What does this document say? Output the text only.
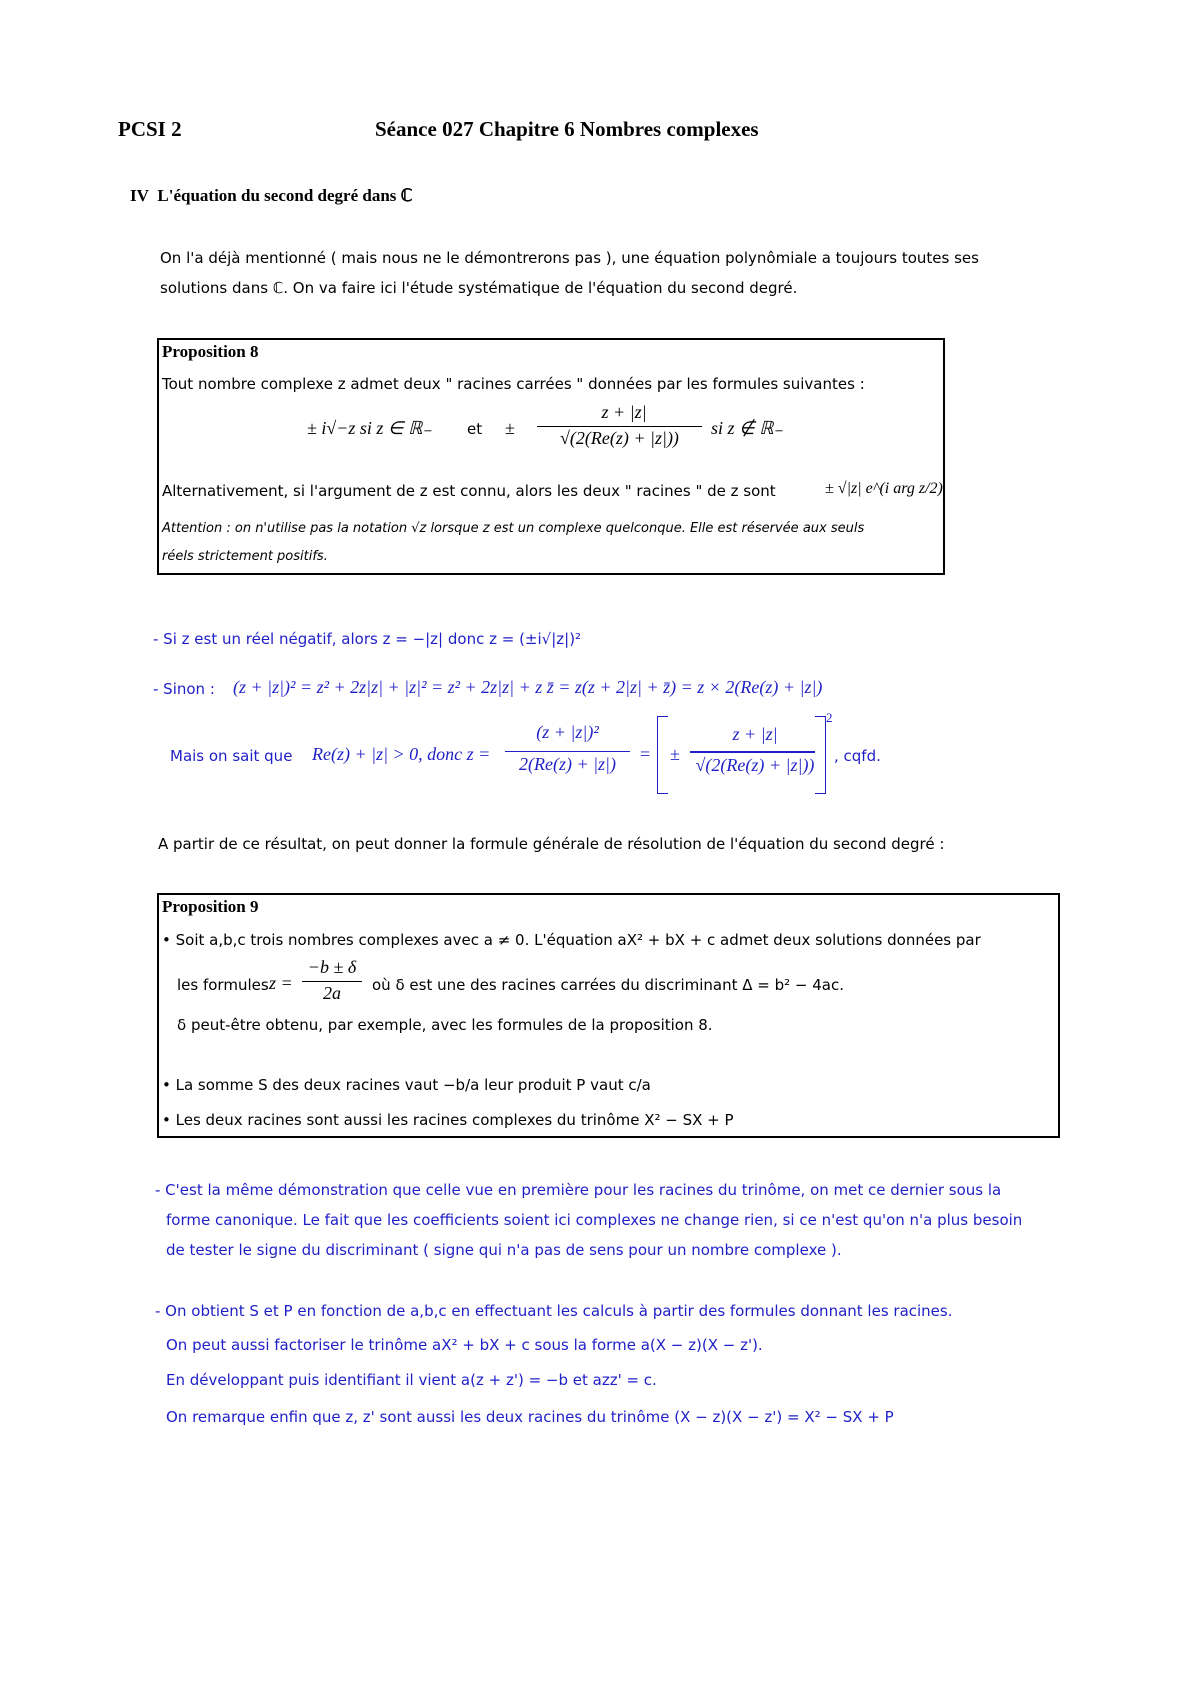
PCSI 2	Séance 027 Chapitre 6 Nombres complexes
IV L'équation du second degré dans ℂ
On l'a déjà mentionné ( mais nous ne le démontrerons pas ), une équation polynômiale a toujours toutes ses
solutions dans ℂ. On va faire ici l'étude systématique de l'équation du second degré.
Proposition 8
Tout nombre complexe z admet deux " racines carrées " données par les formules suivantes :
± i√−z si z ∈ ℝ₋ et ±
z + |z|
√(2(Re(z) + |z|))	si z ∉ ℝ₋
Alternativement, si l'argument de z est connu, alors les deux " racines " de z sont	± √|z| e^(i arg z/2)
Attention : on n'utilise pas la notation √z lorsque z est un complexe quelconque. Elle est réservée aux seuls
réels strictement positifs.
- Si z est un réel négatif, alors z = −|z| donc z = (±i√|z|)²
- Sinon : (z + |z|)² = z² + 2z|z| + |z|² = z² + 2z|z| + z z̄ = z(z + 2|z| + z̄) = z × 2(Re(z) + |z|)
Mais on sait que Re(z) + |z| > 0, donc z =
(z + |z|)²
2(Re(z) + |z|)	= ±
z + |z|
√(2(Re(z) + |z|))
2
, cqfd.
A partir de ce résultat, on peut donner la formule générale de résolution de l'équation du second degré :
Proposition 9
• Soit a,b,c trois nombres complexes avec a ≠ 0. L'équation aX² + bX + c admet deux solutions données par
les formules z =
−b ± δ
2a	où δ est une des racines carrées du discriminant Δ = b² − 4ac.
δ peut-être obtenu, par exemple, avec les formules de la proposition 8.
• La somme S des deux racines vaut −b/a leur produit P vaut c/a
• Les deux racines sont aussi les racines complexes du trinôme X² − SX + P
- C'est la même démonstration que celle vue en première pour les racines du trinôme, on met ce dernier sous la
forme canonique. Le fait que les coefficients soient ici complexes ne change rien, si ce n'est qu'on n'a plus besoin
de tester le signe du discriminant ( signe qui n'a pas de sens pour un nombre complexe ).
- On obtient S et P en fonction de a,b,c en effectuant les calculs à partir des formules donnant les racines.
On peut aussi factoriser le trinôme aX² + bX + c sous la forme a(X − z)(X − z').
En développant puis identifiant il vient a(z + z') = −b et azz' = c.
On remarque enfin que z, z' sont aussi les deux racines du trinôme (X − z)(X − z') = X² − SX + P
